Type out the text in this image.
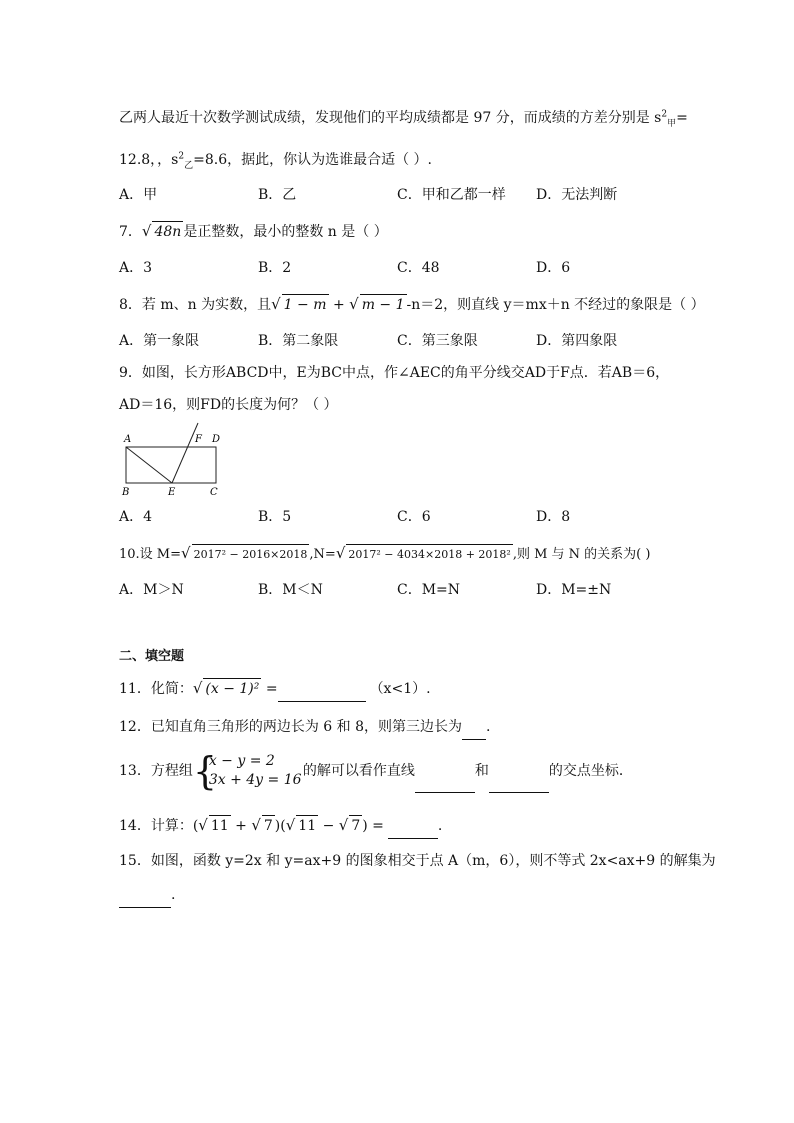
乙两人最近十次数学测试成绩，发现他们的平均成绩都是 97 分，而成绩的方差分别是 $s^2_甲=$
12.8，，$s^2_乙=8.6$，据此，你认为选谁最合适（ ）.
A．甲	B．乙	C．甲和乙都一样 D．无法判断
7．√ 48n 是正整数，最小的整数 n 是（ ）
A．3	B．2	C．48	D．6
8．若 m、n 为实数，且√ 1 − m + √ m − 1 -n＝2，则直线 y＝mx＋n 不经过的象限是（ ）
A．第一象限	B．第二象限	C．第三象限	D．第四象限
9．如图，长方形ABCD中，E为BC中点，作∠AEC的角平分线交AD于F点．若AB＝6，
AD＝16，则FD的长度为何？（ ）
A	F D
B	E	C
A．4	B．5	C．6	D．8
10.设 M=√ 2017² − 2016×2018 ,N=√ 2017² − 4034×2018 + 2018² ,则 M 与 N 的关系为( )
A．M＞N	B．M＜N	C．M=N	D．M=±N
二、填空题
11．化简：√ (x − 1)² =	（x<1）.
12．已知直角三角形的两边长为 6 和 8，则第三边长为 .
13．方程组 {
x − y = 2
3x + 4y = 16
的解可以看作直线	和	的交点坐标．
14．计算：(√ 11 + √ 7 )(√ 11 − √ 7 ) =	.
15．如图，函数 y=2x 和 y=ax+9 的图象相交于点 A（m，6），则不等式 2x<ax+9 的解集为
.
